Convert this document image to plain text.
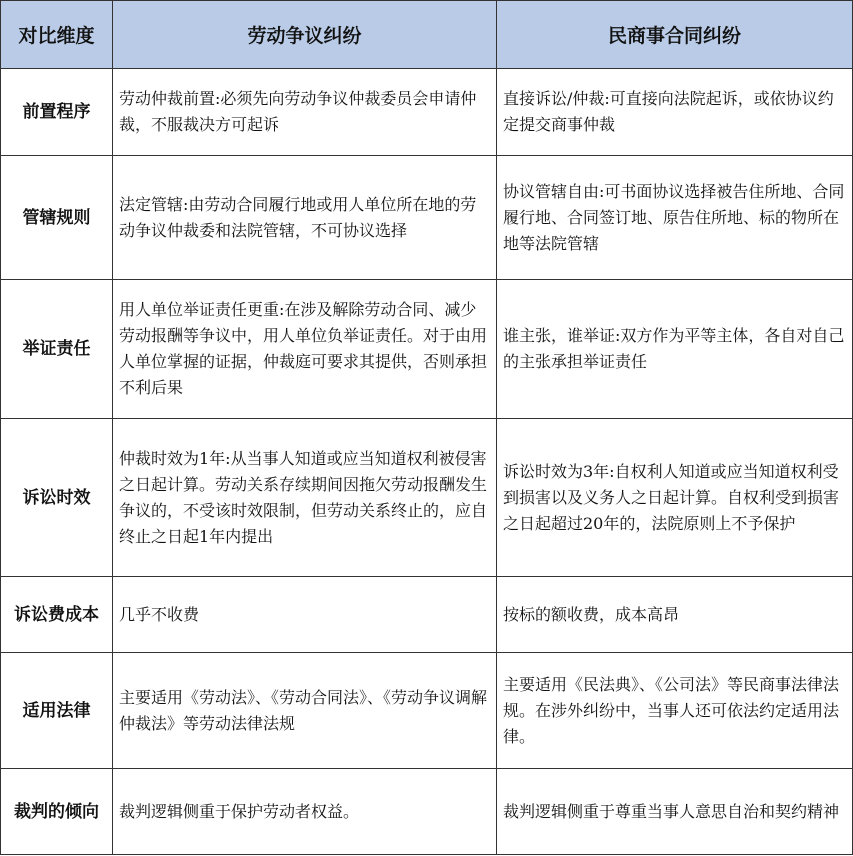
对比维度	劳动争议纠纷	民商事合同纠纷
前置程序	劳动仲裁前置:必须先向劳动争议仲裁委员会申请仲裁，不服裁决方可起诉	直接诉讼/仲裁:可直接向法院起诉，或依协议约定提交商事仲裁
管辖规则	法定管辖:由劳动合同履行地或用人单位所在地的劳动争议仲裁委和法院管辖，不可协议选择	协议管辖自由:可书面协议选择被告住所地、合同履行地、合同签订地、原告住所地、标的物所在地等法院管辖
举证责任	用人单位举证责任更重:在涉及解除劳动合同、减少劳动报酬等争议中，用人单位负举证责任。对于由用人单位掌握的证据，仲裁庭可要求其提供，否则承担不利后果	谁主张，谁举证:双方作为平等主体，各自对自己的主张承担举证责任
诉讼时效	仲裁时效为1年:从当事人知道或应当知道权利被侵害之日起计算。劳动关系存续期间因拖欠劳动报酬发生争议的，不受该时效限制，但劳动关系终止的，应自终止之日起1年内提出	诉讼时效为3年:自权利人知道或应当知道权利受到损害以及义务人之日起计算。自权利受到损害之日起超过20年的，法院原则上不予保护
诉讼费成本	几乎不收费	按标的额收费，成本高昂
适用法律	主要适用《劳动法》、《劳动合同法》、《劳动争议调解仲裁法》等劳动法律法规	主要适用《民法典》、《公司法》等民商事法律法规。在涉外纠纷中，当事人还可依法约定适用法律。
裁判的倾向	裁判逻辑侧重于保护劳动者权益。	裁判逻辑侧重于尊重当事人意思自治和契约精神
